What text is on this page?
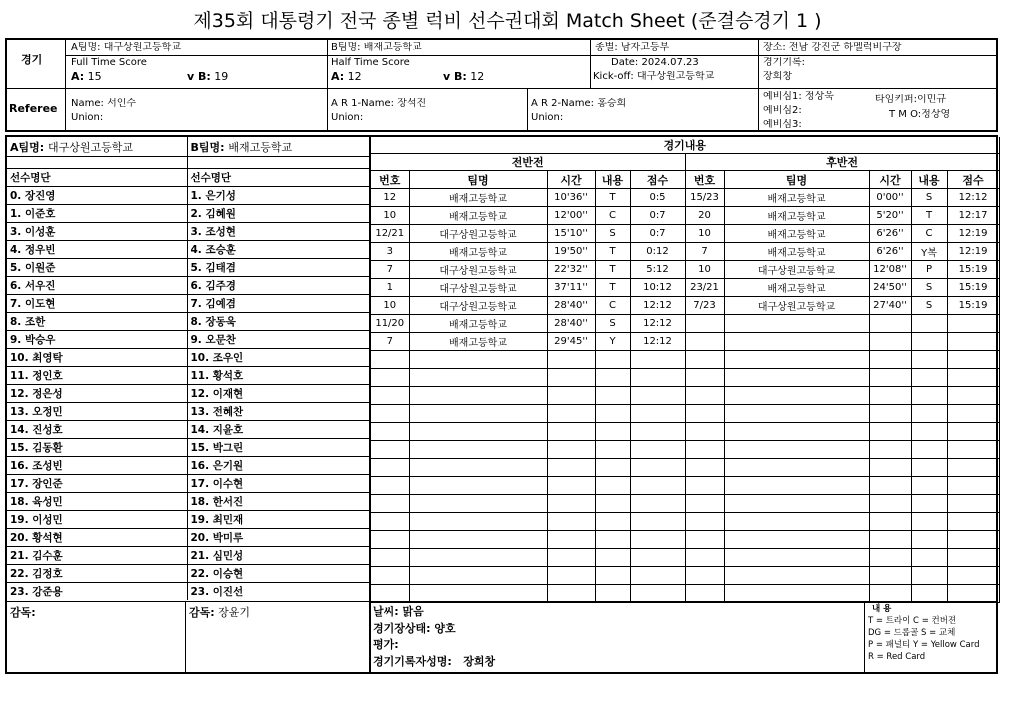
제35회 대통령기 전국 종별 럭비 선수권대회 Match Sheet (준결승경기 1 )
경기
A팀명: 대구상원고등학교	B팀명: 배재고등학교	종별: 남자고등부	장소: 전남 강진군 하멜럭비구장
Full Time Score
A: 15	v B: 19
Half Time Score
A: 12	v B: 12
Date: 2024.07.23
Kick-off: 대구상원고등학교
경기기록:
장희창
Referee Name: 서인수
Union:
A R 1-Name: 장석진
Union:
A R 2-Name: 홍승희
Union:
예비심1: 정상욱
예비심2:
예비심3:
타임키퍼:이민규
T M O:정상영
A팀명: 대구상원고등학교	B팀명: 배재고등학교

선수명단	선수명단
0. 장진영	1. 은기성
1. 이준호	2. 김혜원
3. 이성훈	3. 조성현
4. 정우빈	4. 조승훈
5. 이원준	5. 김태겸
6. 서우진	6. 김주경
7. 이도현	7. 김예겸
8. 조한	8. 장동욱
9. 박승우	9. 오문찬
10. 최영탁	10. 조우인
11. 정인호	11. 황석호
12. 정은성	12. 이재현
13. 오정민	13. 전혜찬
14. 진성호	14. 지윤호
15. 김동환	15. 박그린
16. 조성빈	16. 은기원
17. 장인준	17. 이수현
18. 육성민	18. 한서진
19. 이성민	19. 최민재
20. 황석현	20. 박미루
21. 김수훈	21. 심민성
22. 김정호	22. 이승현
23. 강준용	23. 이진선
경기내용									
전반전					후반전				
번호	팀명	시간	내용	점수	번호	팀명	시간	내용	점수
12	배재고등학교	10'36''	T	0:5	15/23	배재고등학교	0'00''	S	12:12
10	배재고등학교	12'00''	C	0:7	20	배재고등학교	5'20''	T	12:17
12/21	대구상원고등학교	15'10''	S	0:7	10	배재고등학교	6'26''	C	12:19
3	배재고등학교	19'50''	T	0:12	7	배재고등학교	6'26''	Y복	12:19
7	대구상원고등학교	22'32''	T	5:12	10	대구상원고등학교	12'08''	P	15:19
1	대구상원고등학교	37'11''	T	10:12	23/21	배재고등학교	24'50''	S	15:19
10	대구상원고등학교	28'40''	C	12:12	7/23	대구상원고등학교	27'40''	S	15:19
11/20	배재고등학교	28'40''	S	12:12					
7	배재고등학교	29'45''	Y	12:12					

감독:	감독: 장윤기	날씨: 맑음
경기장상태: 양호
평가:
경기기록자성명: 장희창
내 용
T = 트라이 C = 컨버젼
DG = 드롭골 S = 교체
P = 패널티 Y = Yellow Card
R = Red Card
